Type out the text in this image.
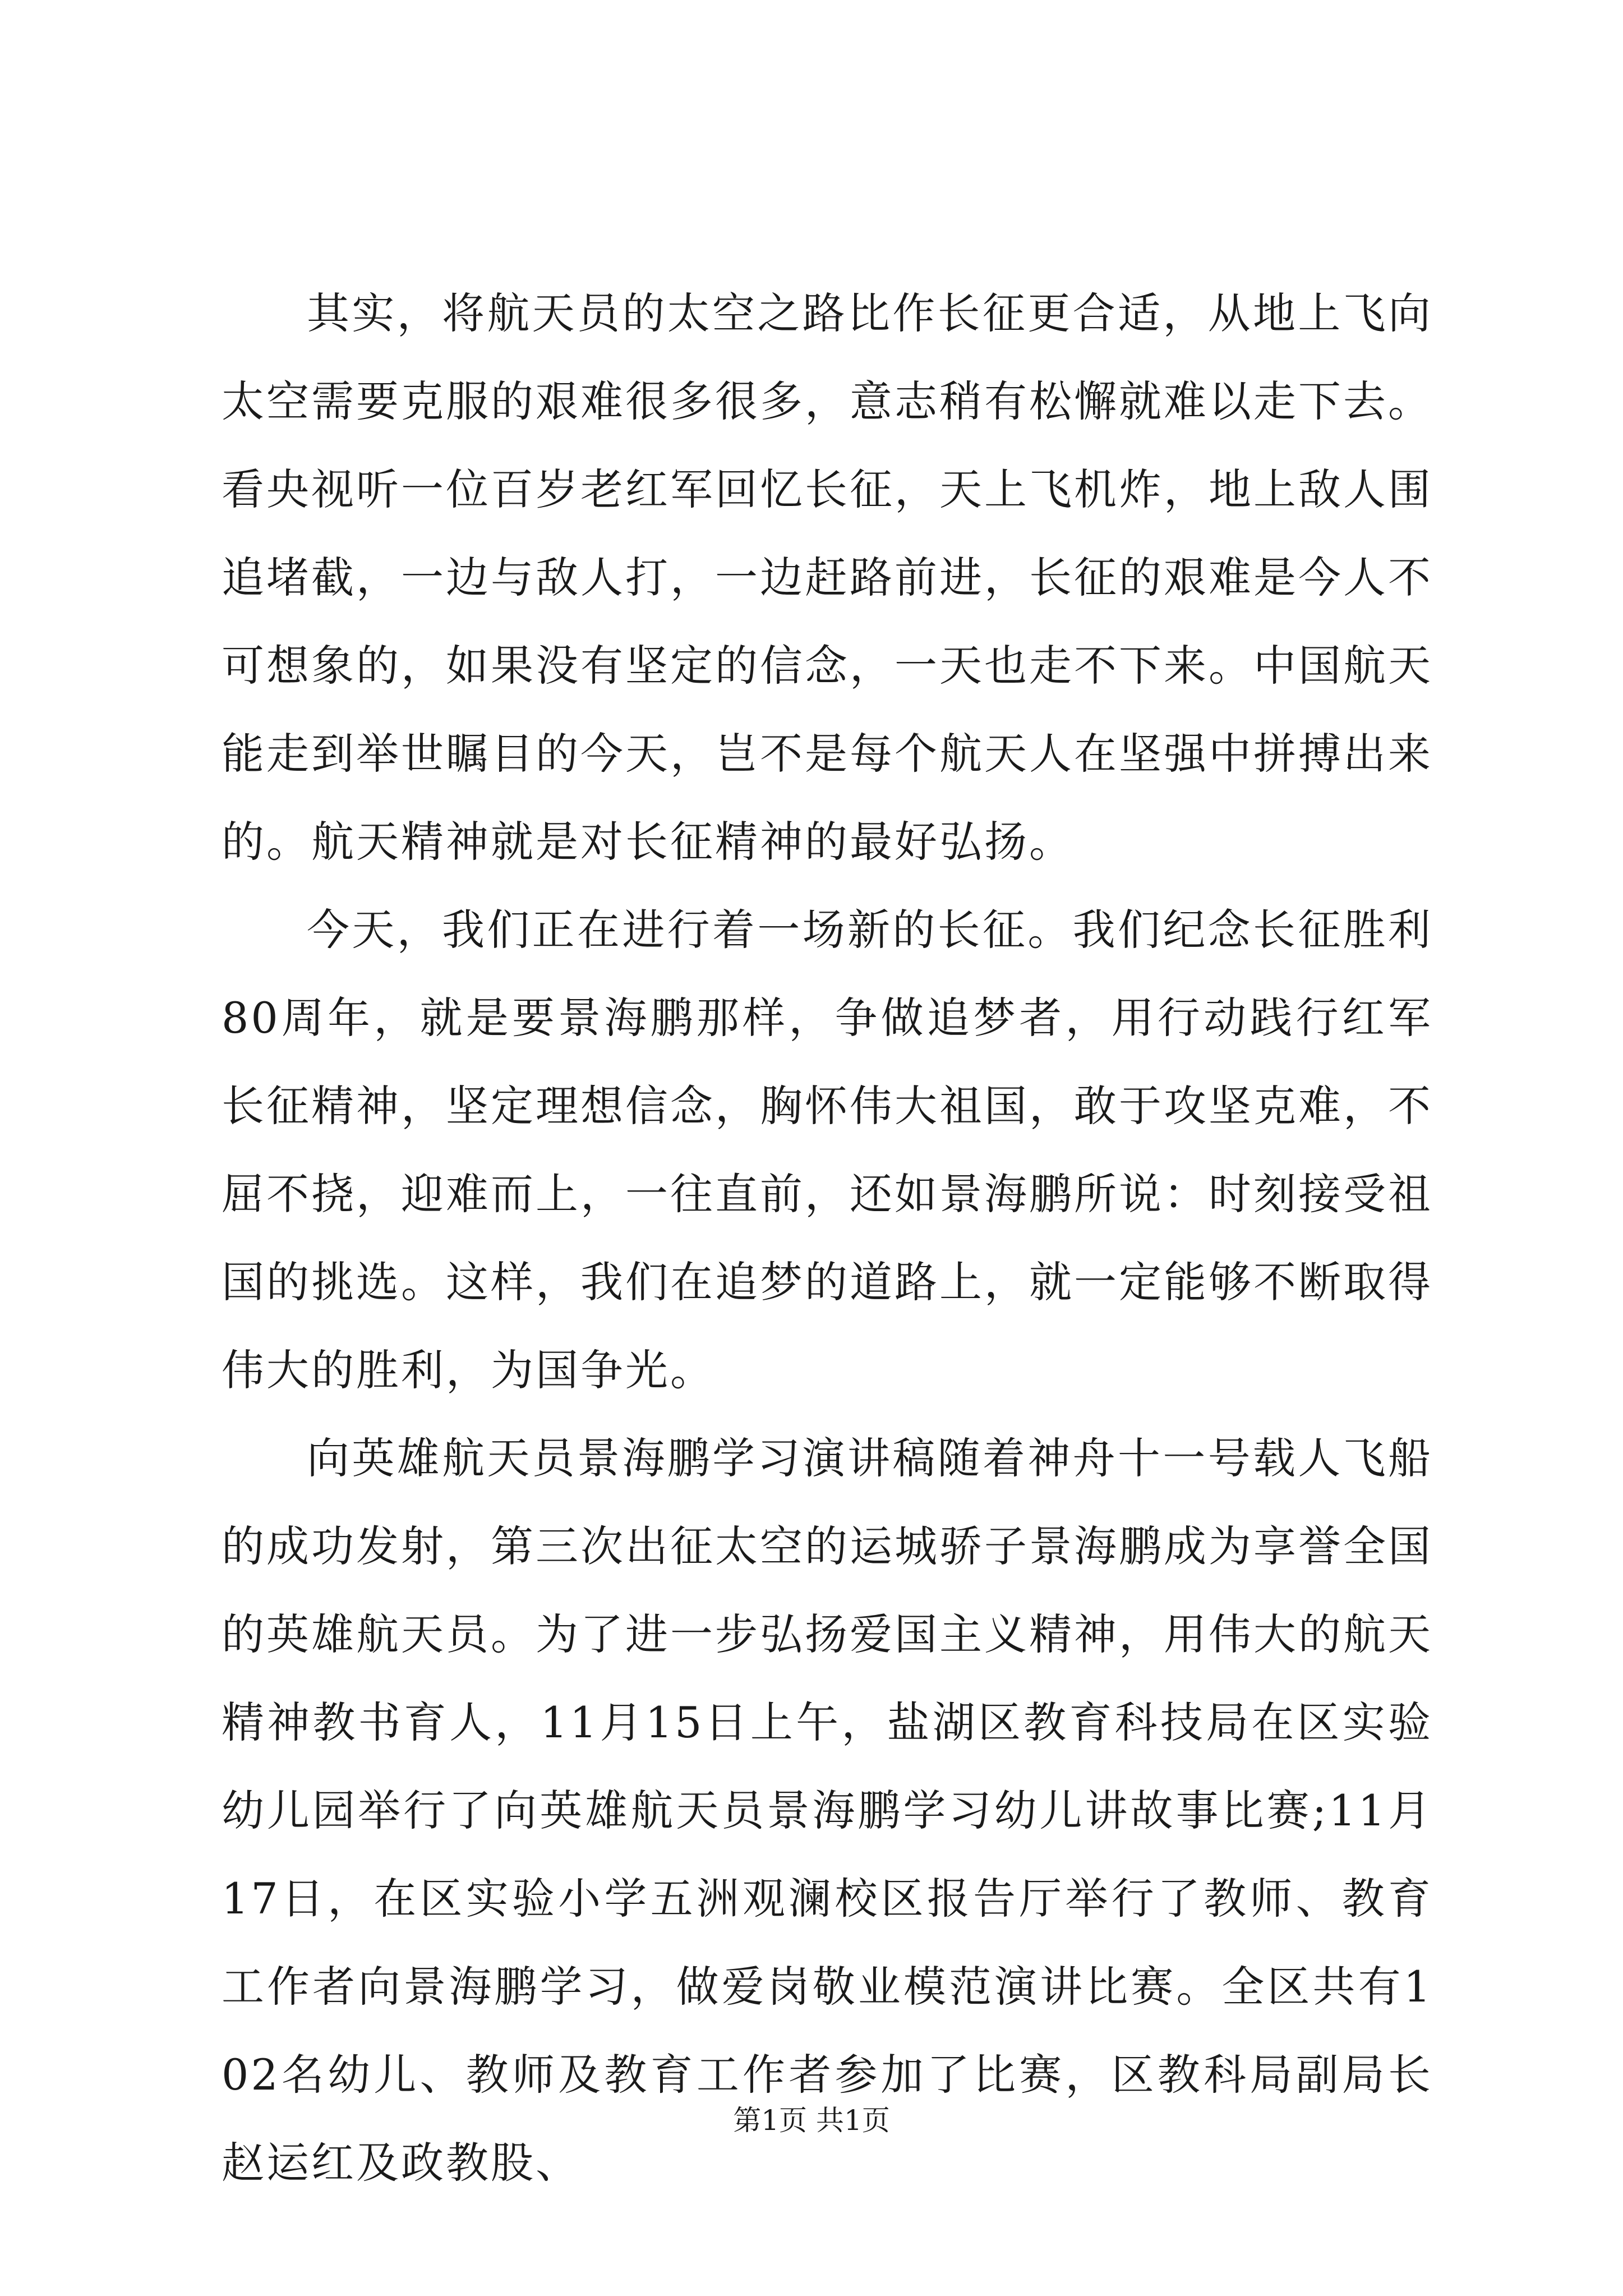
其实，将航天员的太空之路比作长征更合适，从地上飞向太空需要克服的艰难很多很多，意志稍有松懈就难以走下去。看央视听一位百岁老红军回忆长征，天上飞机炸，地上敌人围追堵截，一边与敌人打，一边赶路前进，长征的艰难是今人不可想象的，如果没有坚定的信念，一天也走不下来。中国航天能走到举世瞩目的今天，岂不是每个航天人在坚强中拼搏出来的。航天精神就是对长征精神的最好弘扬。

今天，我们正在进行着一场新的长征。我们纪念长征胜利80周年，就是要景海鹏那样，争做追梦者，用行动践行红军长征精神，坚定理想信念，胸怀伟大祖国，敢于攻坚克难，不屈不挠，迎难而上，一往直前，还如景海鹏所说：时刻接受祖国的挑选。这样，我们在追梦的道路上，就一定能够不断取得伟大的胜利，为国争光。

向英雄航天员景海鹏学习演讲稿随着神舟十一号载人飞船的成功发射，第三次出征太空的运城骄子景海鹏成为享誉全国的英雄航天员。为了进一步弘扬爱国主义精神，用伟大的航天精神教书育人，11月15日上午，盐湖区教育科技局在区实验幼儿园举行了向英雄航天员景海鹏学习幼儿讲故事比赛;11月17日，在区实验小学五洲观澜校区报告厅举行了教师、教育工作者向景海鹏学习，做爱岗敬业模范演讲比赛。全区共有102名幼儿、教师及教育工作者参加了比赛，区教科局副局长赵运红及政教股、

第1页 共1页
